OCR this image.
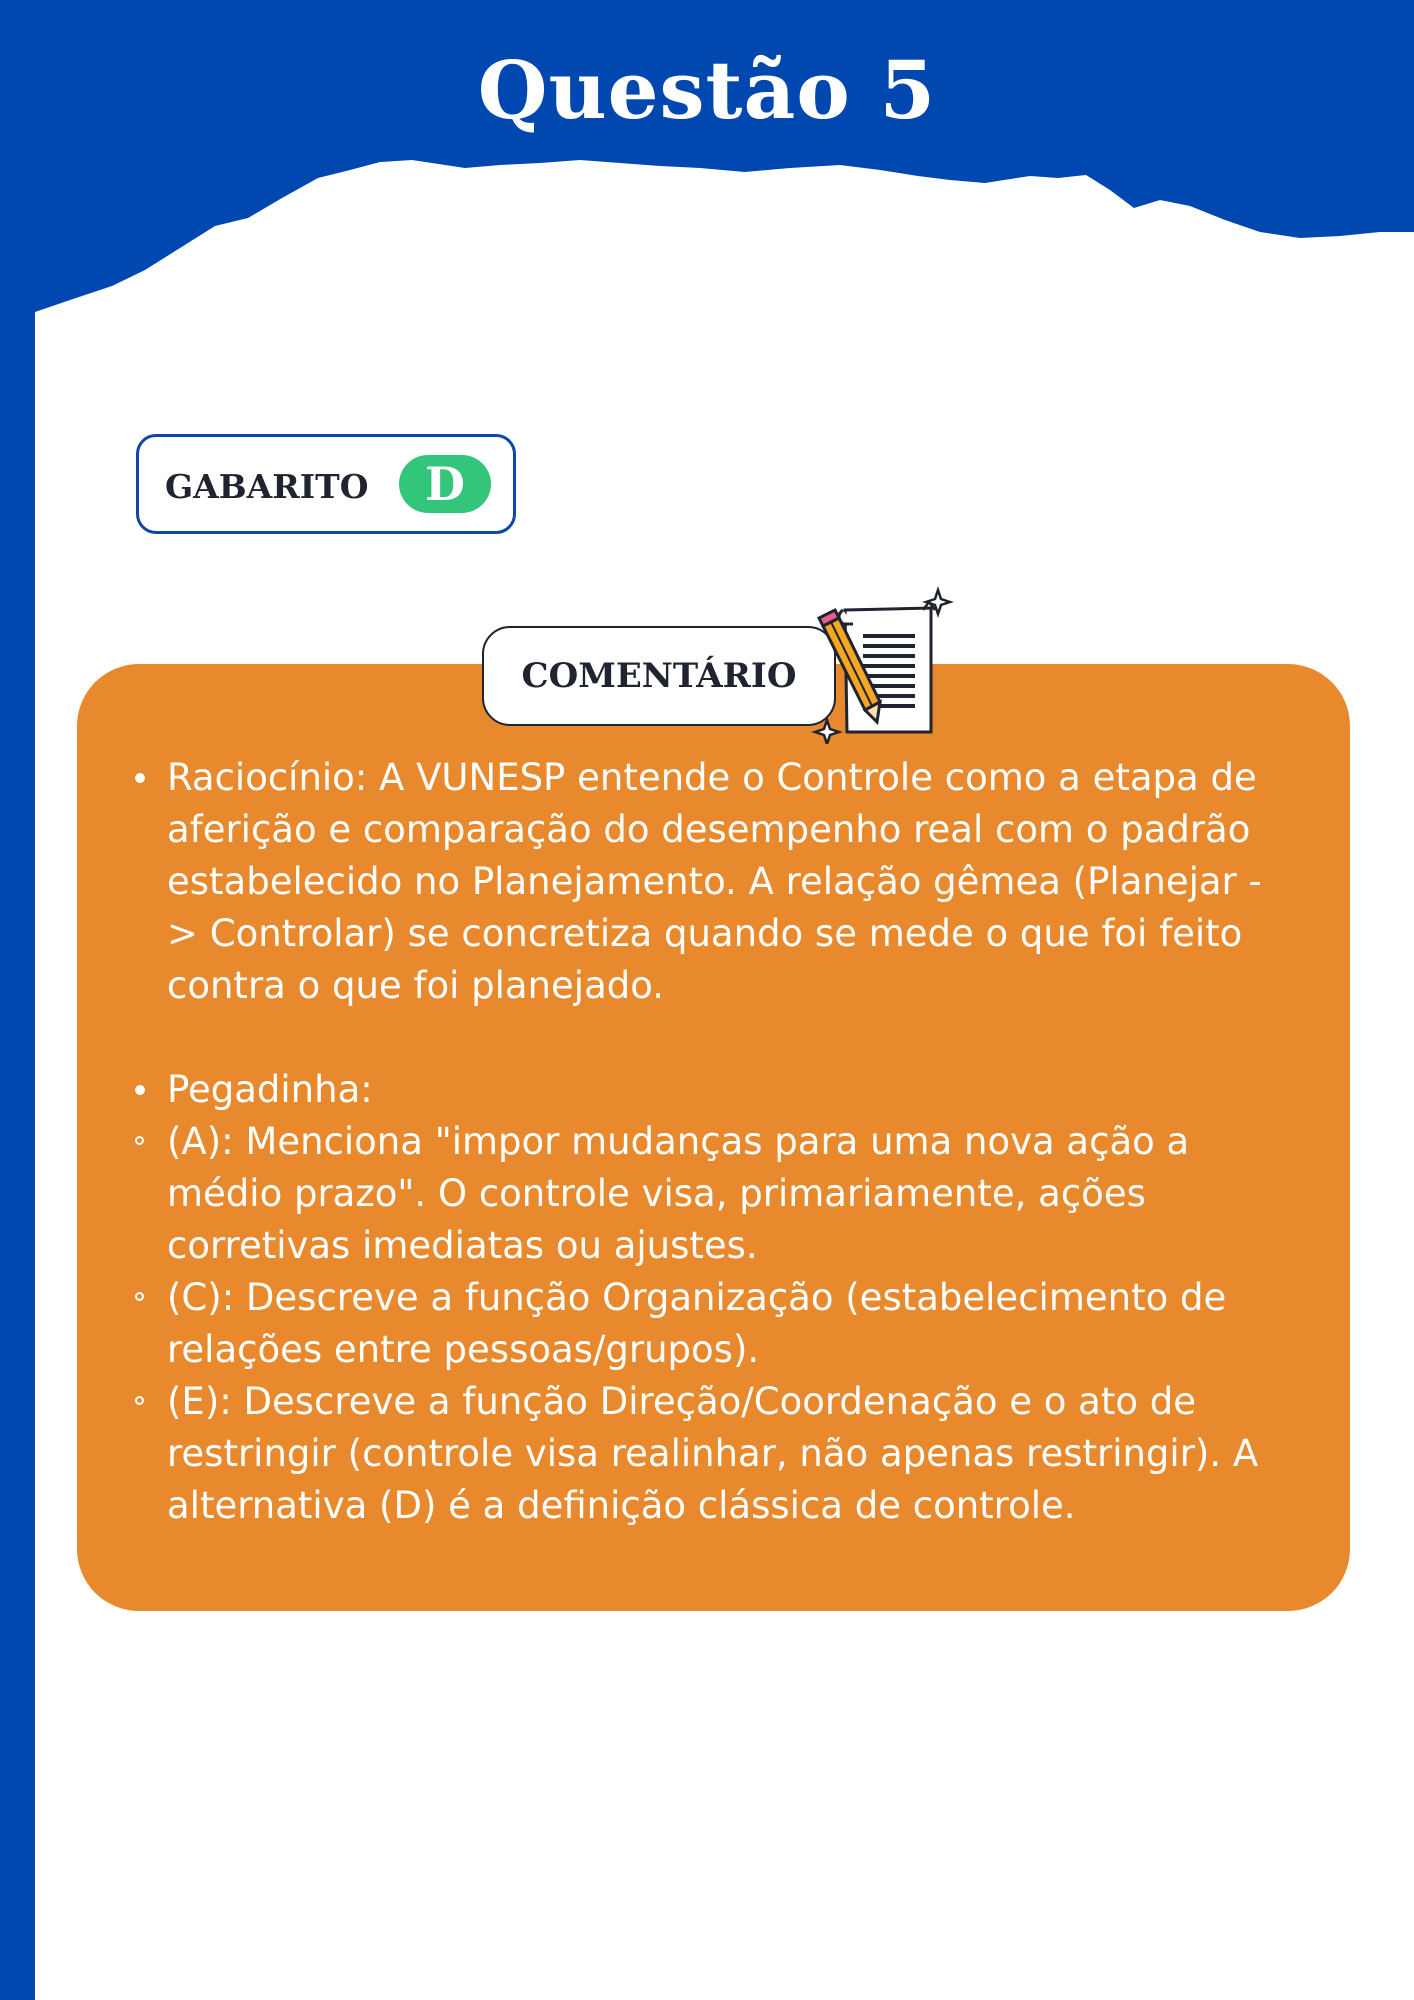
Questão 5
GABARITO	D
COMENTÁRIO

Raciocínio: A VUNESP entende o Controle como a etapa de
aferição e comparação do desempenho real com o padrão
estabelecido no Planejamento. A relação gêmea (Planejar -
> Controlar) se concretiza quando se mede o que foi feito
contra o que foi planejado.

Pegadinha:

(A): Menciona "impor mudanças para uma nova ação a
médio prazo". O controle visa, primariamente, ações
corretivas imediatas ou ajustes.

(C): Descreve a função Organização (estabelecimento de
relações entre pessoas/grupos).

(E): Descreve a função Direção/Coordenação e o ato de
restringir (controle visa realinhar, não apenas restringir). A
alternativa (D) é a definição clássica de controle.
